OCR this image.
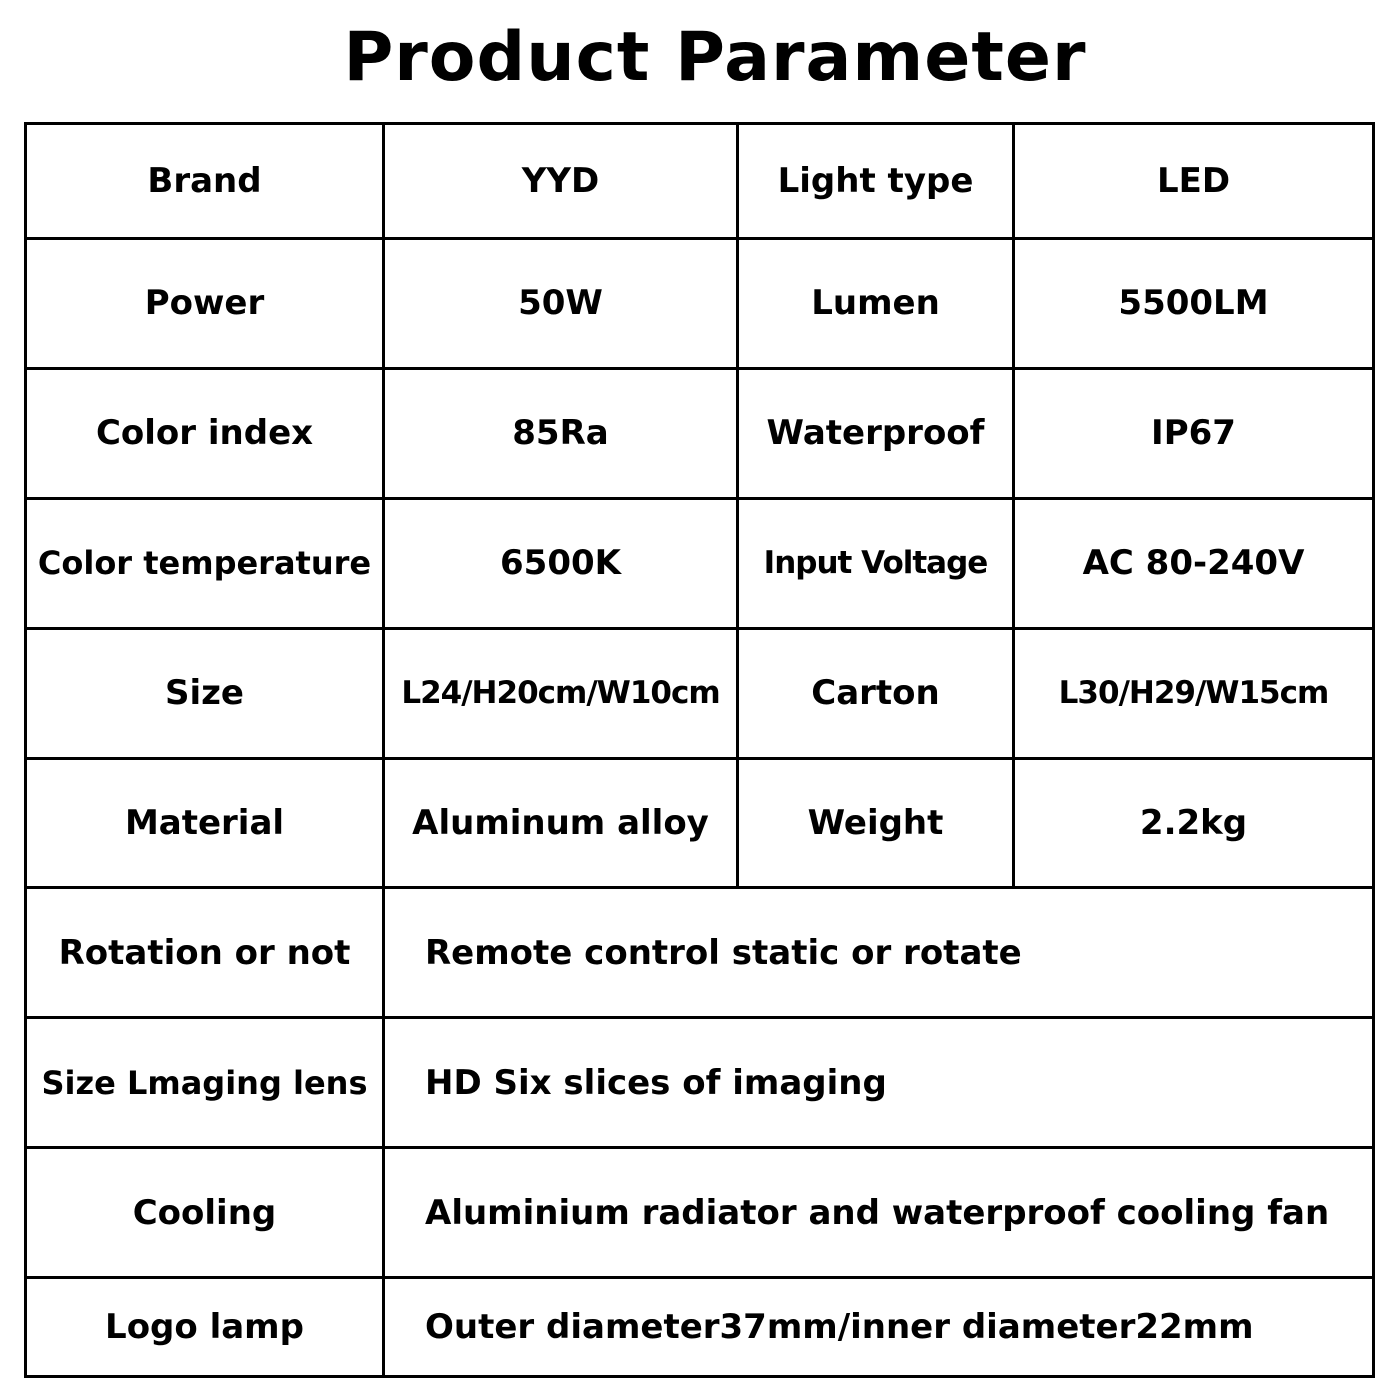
Product Parameter
Brand	YYD	Light type	LED
Power	50W	Lumen	5500LM
Color index	85Ra	Waterproof	IP67
Color temperature	6500K	Input Voltage	AC 80-240V
Size	L24/H20cm/W10cm	Carton	L30/H29/W15cm
Material	Aluminum alloy	Weight	2.2kg
Rotation or not	Remote control static or rotate		
Size Lmaging lens	HD Six slices of imaging		
Cooling	Aluminium radiator and waterproof cooling fan		
Logo lamp	Outer diameter37mm/inner diameter22mm		
